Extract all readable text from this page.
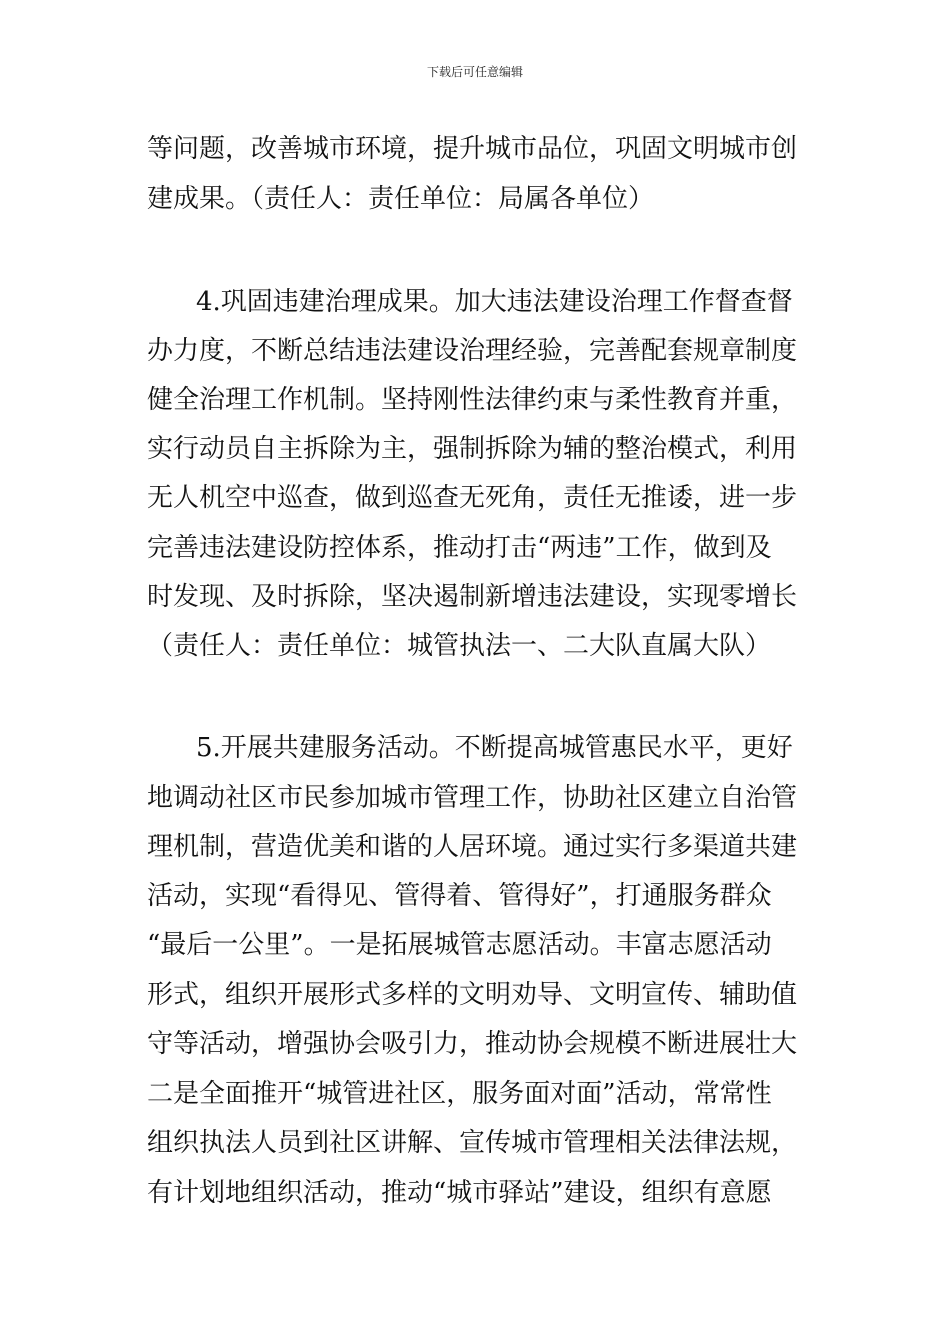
下载后可任意编辑
等问题，改善城市环境，提升城市品位，巩固文明城市创
建成果。（责任人：责任单位：局属各单位）
4.巩固违建治理成果。加大违法建设治理工作督查督
办力度，不断总结违法建设治理经验，完善配套规章制度
健全治理工作机制。坚持刚性法律约束与柔性教育并重，
实行动员自主拆除为主，强制拆除为辅的整治模式，利用
无人机空中巡查，做到巡查无死角，责任无推诿，进一步
完善违法建设防控体系，推动打击“两违”工作，做到及
时发现、及时拆除，坚决遏制新增违法建设，实现零增长
（责任人：责任单位：城管执法一、二大队直属大队）
5.开展共建服务活动。不断提高城管惠民水平，更好
地调动社区市民参加城市管理工作，协助社区建立自治管
理机制，营造优美和谐的人居环境。通过实行多渠道共建
活动，实现“看得见、管得着、管得好”，打通服务群众
“最后一公里”。一是拓展城管志愿活动。丰富志愿活动
形式，组织开展形式多样的文明劝导、文明宣传、辅助值
守等活动，增强协会吸引力，推动协会规模不断进展壮大
二是全面推开“城管进社区，服务面对面”活动，常常性
组织执法人员到社区讲解、宣传城市管理相关法律法规，
有计划地组织活动，推动“城市驿站”建设，组织有意愿
